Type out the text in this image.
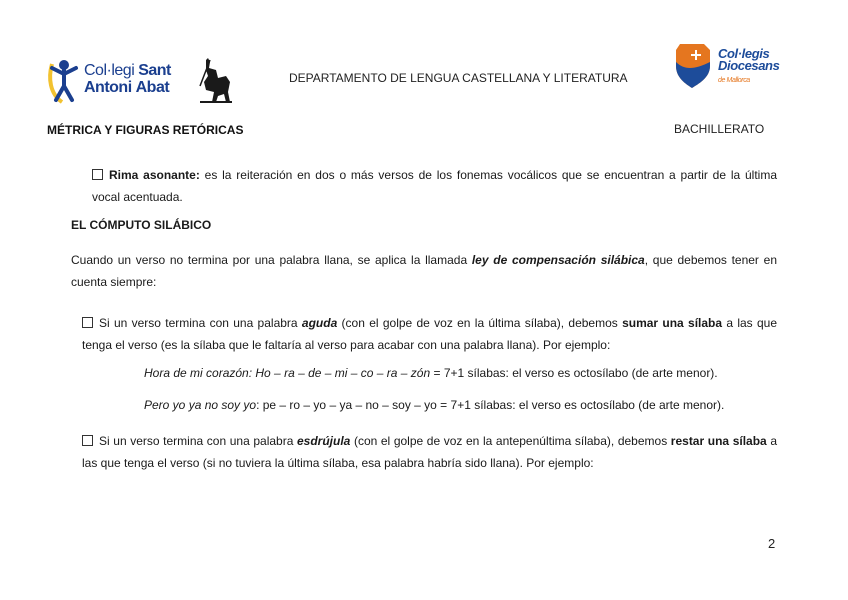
Col·legi Sant
Antoni Abat
DEPARTAMENTO DE LENGUA CASTELLANA Y LITERATURA
Col·legis
Diocesans
de Mallorca
MÉTRICA Y FIGURAS RETÓRICAS	BACHILLERATO
Rima asonante: es la reiteración en dos o más versos de los fonemas vocálicos que se encuentran a partir de la última vocal acentuada.
EL CÓMPUTO SILÁBICO
Cuando un verso no termina por una palabra llana, se aplica la llamada ley de compensación silábica, que debemos tener en cuenta siempre:
Si un verso termina con una palabra aguda (con el golpe de voz en la última sílaba), debemos sumar una sílaba a las que tenga el verso (es la sílaba que le faltaría al verso para acabar con una palabra llana). Por ejemplo:
Hora de mi corazón: Ho – ra – de – mi – co – ra – zón = 7+1 sílabas: el verso es octosílabo (de arte menor).
Pero yo ya no soy yo: pe – ro – yo – ya – no – soy – yo = 7+1 sílabas: el verso es octosílabo (de arte menor).
Si un verso termina con una palabra esdrújula (con el golpe de voz en la antepenúltima sílaba), debemos restar una sílaba a las que tenga el verso (si no tuviera la última sílaba, esa palabra habría sido llana). Por ejemplo:
2
